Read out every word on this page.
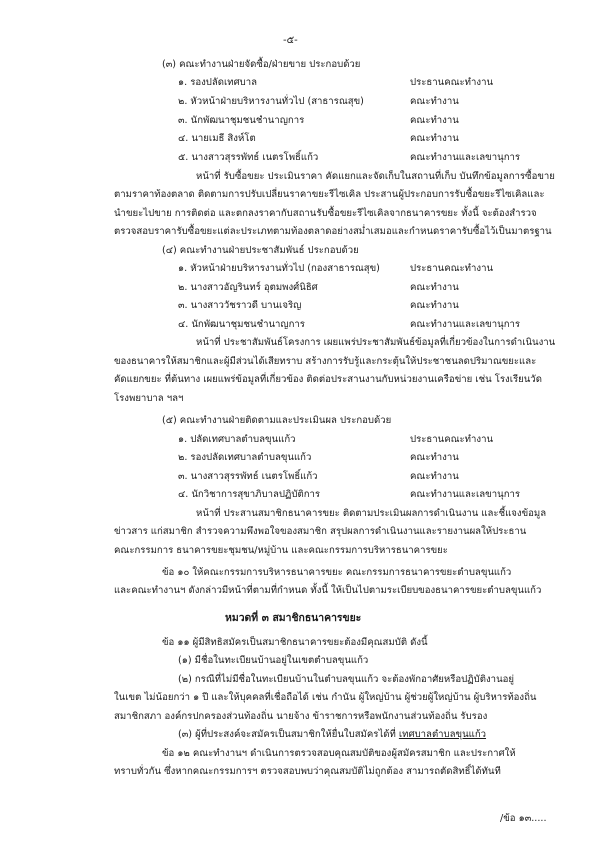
-๕-
(๓) คณะทำงานฝ่ายจัดซื้อ/ฝ่ายขาย ประกอบด้วย
๑. รองปลัดเทศบาล	ประธานคณะทำงาน
๒. หัวหน้าฝ่ายบริหารงานทั่วไป (สาธารณสุข)	คณะทำงาน
๓. นักพัฒนาชุมชนชำนาญการ	คณะทำงาน
๔. นายเมธี สิงห์โต	คณะทำงาน
๕. นางสาวสุรรพัทธ์ เนตรโพธิ์แก้ว	คณะทำงานและเลขานุการ
หน้าที่ รับซื้อขยะ ประเมินราคา คัดแยกและจัดเก็บในสถานที่เก็บ บันทึกข้อมูลการซื้อขาย
ตามราคาท้องตลาด ติดตามการปรับเปลี่ยนราคาขยะรีไซเคิล ประสานผู้ประกอบการรับซื้อขยะรีไซเคิลและ
นำขยะไปขาย การติดต่อ และตกลงราคากับสถานรับซื้อขยะรีไซเคิลจากธนาคารขยะ ทั้งนี้ จะต้องสำรวจ
ตรวจสอบราคารับซื้อขยะแต่ละประเภทตามท้องตลาดอย่างสม่ำเสมอและกำหนดราคารับซื้อไว้เป็นมาตรฐาน
(๔) คณะทำงานฝ่ายประชาสัมพันธ์ ประกอบด้วย
๑. หัวหน้าฝ่ายบริหารงานทั่วไป (กองสาธารณสุข)	ประธานคณะทำงาน
๒. นางสาวอัญรินทร์ อุตมพงศ์นิธิศ	คณะทำงาน
๓. นางสาววัชราวดี บานเจริญ	คณะทำงาน
๔. นักพัฒนาชุมชนชำนาญการ	คณะทำงานและเลขานุการ
หน้าที่ ประชาสัมพันธ์โครงการ เผยแพร่ประชาสัมพันธ์ข้อมูลที่เกี่ยวข้องในการดำเนินงาน
ของธนาคารให้สมาชิกและผู้มีส่วนได้เสียทราบ สร้างการรับรู้และกระตุ้นให้ประชาชนลดปริมาณขยะและ
คัดแยกขยะ ที่ต้นทาง เผยแพร่ข้อมูลที่เกี่ยวข้อง ติดต่อประสานงานกับหน่วยงานเครือข่าย เช่น โรงเรียนวัด
โรงพยาบาล ฯลฯ
(๕) คณะทำงานฝ่ายติดตามและประเมินผล ประกอบด้วย
๑. ปลัดเทศบาลตำบลขุนแก้ว	ประธานคณะทำงาน
๒. รองปลัดเทศบาลตำบลขุนแก้ว	คณะทำงาน
๓. นางสาวสุรรพัทธ์ เนตรโพธิ์แก้ว	คณะทำงาน
๔. นักวิชาการสุขาภิบาลปฏิบัติการ	คณะทำงานและเลขานุการ
หน้าที่ ประสานสมาชิกธนาคารขยะ ติดตามประเมินผลการดำเนินงาน และชี้แจงข้อมูล
ข่าวสาร แก่สมาชิก สำรวจความพึงพอใจของสมาชิก สรุปผลการดำเนินงานและรายงานผลให้ประธาน
คณะกรรมการ ธนาคารขยะชุมชน/หมู่บ้าน และคณะกรรมการบริหารธนาคารขยะ
ข้อ ๑๐ ให้คณะกรรมการบริหารธนาคารขยะ คณะกรรมการธนาคารขยะตำบลขุนแก้ว
และคณะทำงานฯ ดังกล่าวมีหน้าที่ตามที่กำหนด ทั้งนี้ ให้เป็นไปตามระเบียบของธนาคารขยะตำบลขุนแก้ว
หมวดที่ ๓ สมาชิกธนาคารขยะ
ข้อ ๑๑ ผู้มีสิทธิสมัครเป็นสมาชิกธนาคารขยะต้องมีคุณสมบัติ ดังนี้
(๑) มีชื่อในทะเบียนบ้านอยู่ในเขตตำบลขุนแก้ว
(๒) กรณีที่ไม่มีชื่อในทะเบียนบ้านในตำบลขุนแก้ว จะต้องพักอาศัยหรือปฏิบัติงานอยู่
ในเขต ไม่น้อยกว่า ๑ ปี และให้บุคคลที่เชื่อถือได้ เช่น กำนัน ผู้ใหญ่บ้าน ผู้ช่วยผู้ใหญ่บ้าน ผู้บริหารท้องถิ่น
สมาชิกสภา องค์กรปกครองส่วนท้องถิ่น นายจ้าง ข้าราชการหรือพนักงานส่วนท้องถิ่น รับรอง
(๓) ผู้ที่ประสงค์จะสมัครเป็นสมาชิกให้ยื่นใบสมัครได้ที่ เทศบาลตำบลขุนแก้ว
ข้อ ๑๒ คณะทำงานฯ ดำเนินการตรวจสอบคุณสมบัติของผู้สมัครสมาชิก และประกาศให้
ทราบทั่วกัน ซึ่งหากคณะกรรมการฯ ตรวจสอบพบว่าคุณสมบัติไม่ถูกต้อง สามารถตัดสิทธิ์ได้ทันที
/ข้อ ๑๓.....
